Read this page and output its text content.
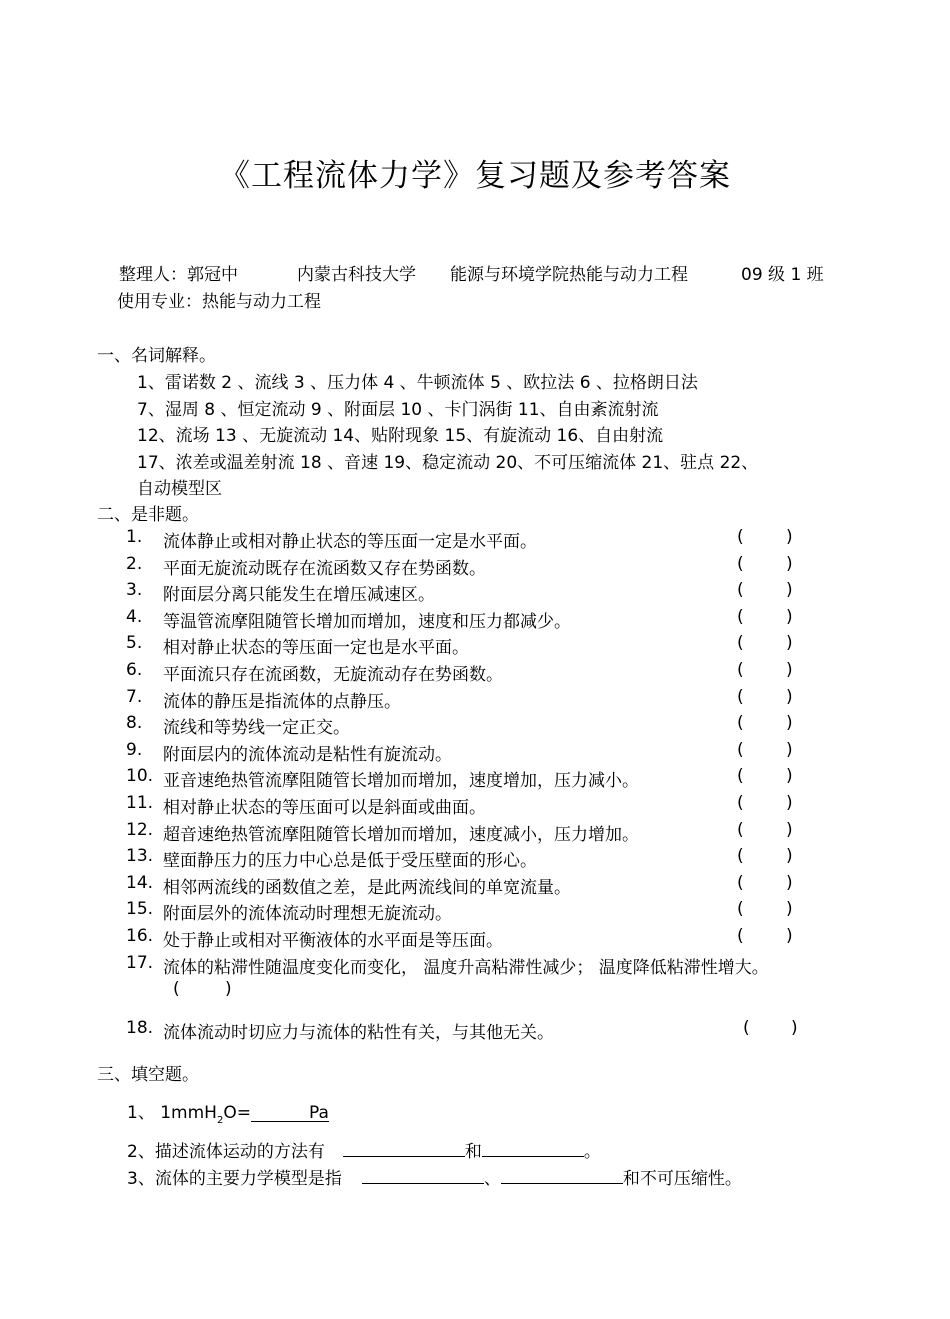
《工程流体力学》复习题及参考答案
整理人：郭冠中	内蒙古科技大学 能源与环境学院热能与动力工程	09 级 1 班
使用专业：热能与动力工程
一、名词解释。
1、雷诺数 2 、流线 3 、压力体 4 、牛顿流体 5 、欧拉法 6 、拉格朗日法
7、湿周 8 、恒定流动 9 、附面层 10 、卡门涡街 11、自由紊流射流
12、流场 13 、无旋流动 14、贴附现象 15、有旋流动 16、自由射流
17、浓差或温差射流 18 、音速 19、稳定流动 20、不可压缩流体 21、驻点 22、
自动模型区
二、是非题。
1.	流体静止或相对静止状态的等压面一定是水平面。	( )
2.	平面无旋流动既存在流函数又存在势函数。	( )
3.	附面层分离只能发生在增压减速区。	( )
4.	等温管流摩阻随管长增加而增加，速度和压力都减少。	( )
5.	相对静止状态的等压面一定也是水平面。	( )
6.	平面流只存在流函数，无旋流动存在势函数。	( )
7.	流体的静压是指流体的点静压。	( )
8.	流线和等势线一定正交。	( )
9.	附面层内的流体流动是粘性有旋流动。	( )
10. 亚音速绝热管流摩阻随管长增加而增加，速度增加，压力减小。	( )
11. 相对静止状态的等压面可以是斜面或曲面。	( )
12. 超音速绝热管流摩阻随管长增加而增加，速度减小，压力增加。	( )
13. 壁面静压力的压力中心总是低于受压壁面的形心。	( )
14. 相邻两流线的函数值之差，是此两流线间的单宽流量。	( )
15. 附面层外的流体流动时理想无旋流动。	( )
16. 处于静止或相对平衡液体的水平面是等压面。	( )
17. 流体的粘滞性随温度变化而变化， 温度升高粘滞性减少； 温度降低粘滞性增大。
(	)
18. 流体流动时切应力与流体的粘性有关，与其他无关。	( )
三、填空题。
1、 1mmH$_2$O=	Pa
2、描述流体运动的方法有	和	。
3、流体的主要力学模型是指	、	和不可压缩性。
